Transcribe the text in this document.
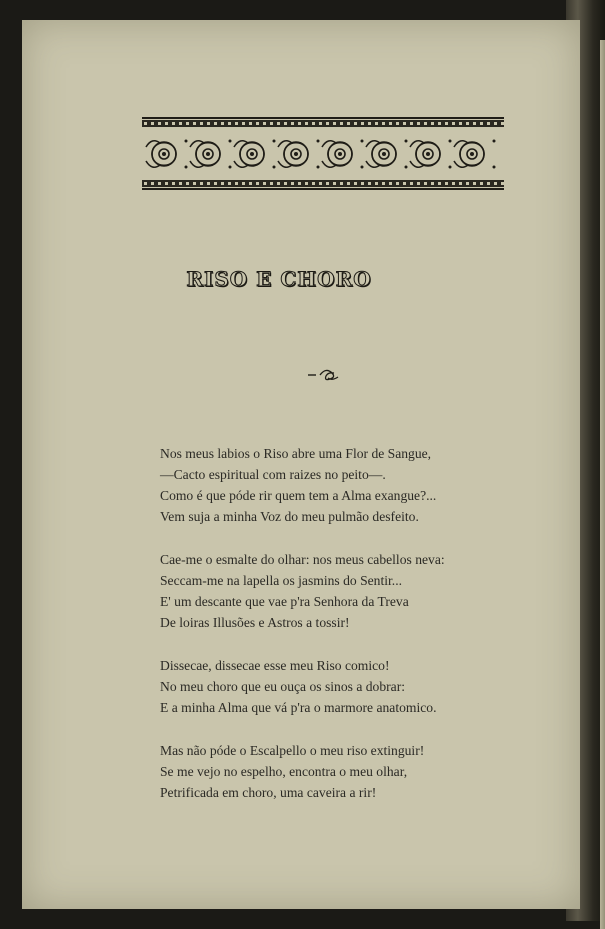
RISO E CHORO
Nos meus labios o Riso abre uma Flor de Sangue,
—Cacto espiritual com raizes no peito—.
Como é que póde rir quem tem a Alma exangue?...
Vem suja a minha Voz do meu pulmão desfeito.
Cae-me o esmalte do olhar: nos meus cabellos neva:
Seccam-me na lapella os jasmins do Sentir...
E' um descante que vae p'ra Senhora da Treva
De loiras Illusões e Astros a tossir!
Dissecae, dissecae esse meu Riso comico!
No meu choro que eu ouça os sinos a dobrar:
E a minha Alma que vá p'ra o marmore anatomico.
Mas não póde o Escalpello o meu riso extinguir!
Se me vejo no espelho, encontra o meu olhar,
Petrificada em choro, uma caveira a rir!
